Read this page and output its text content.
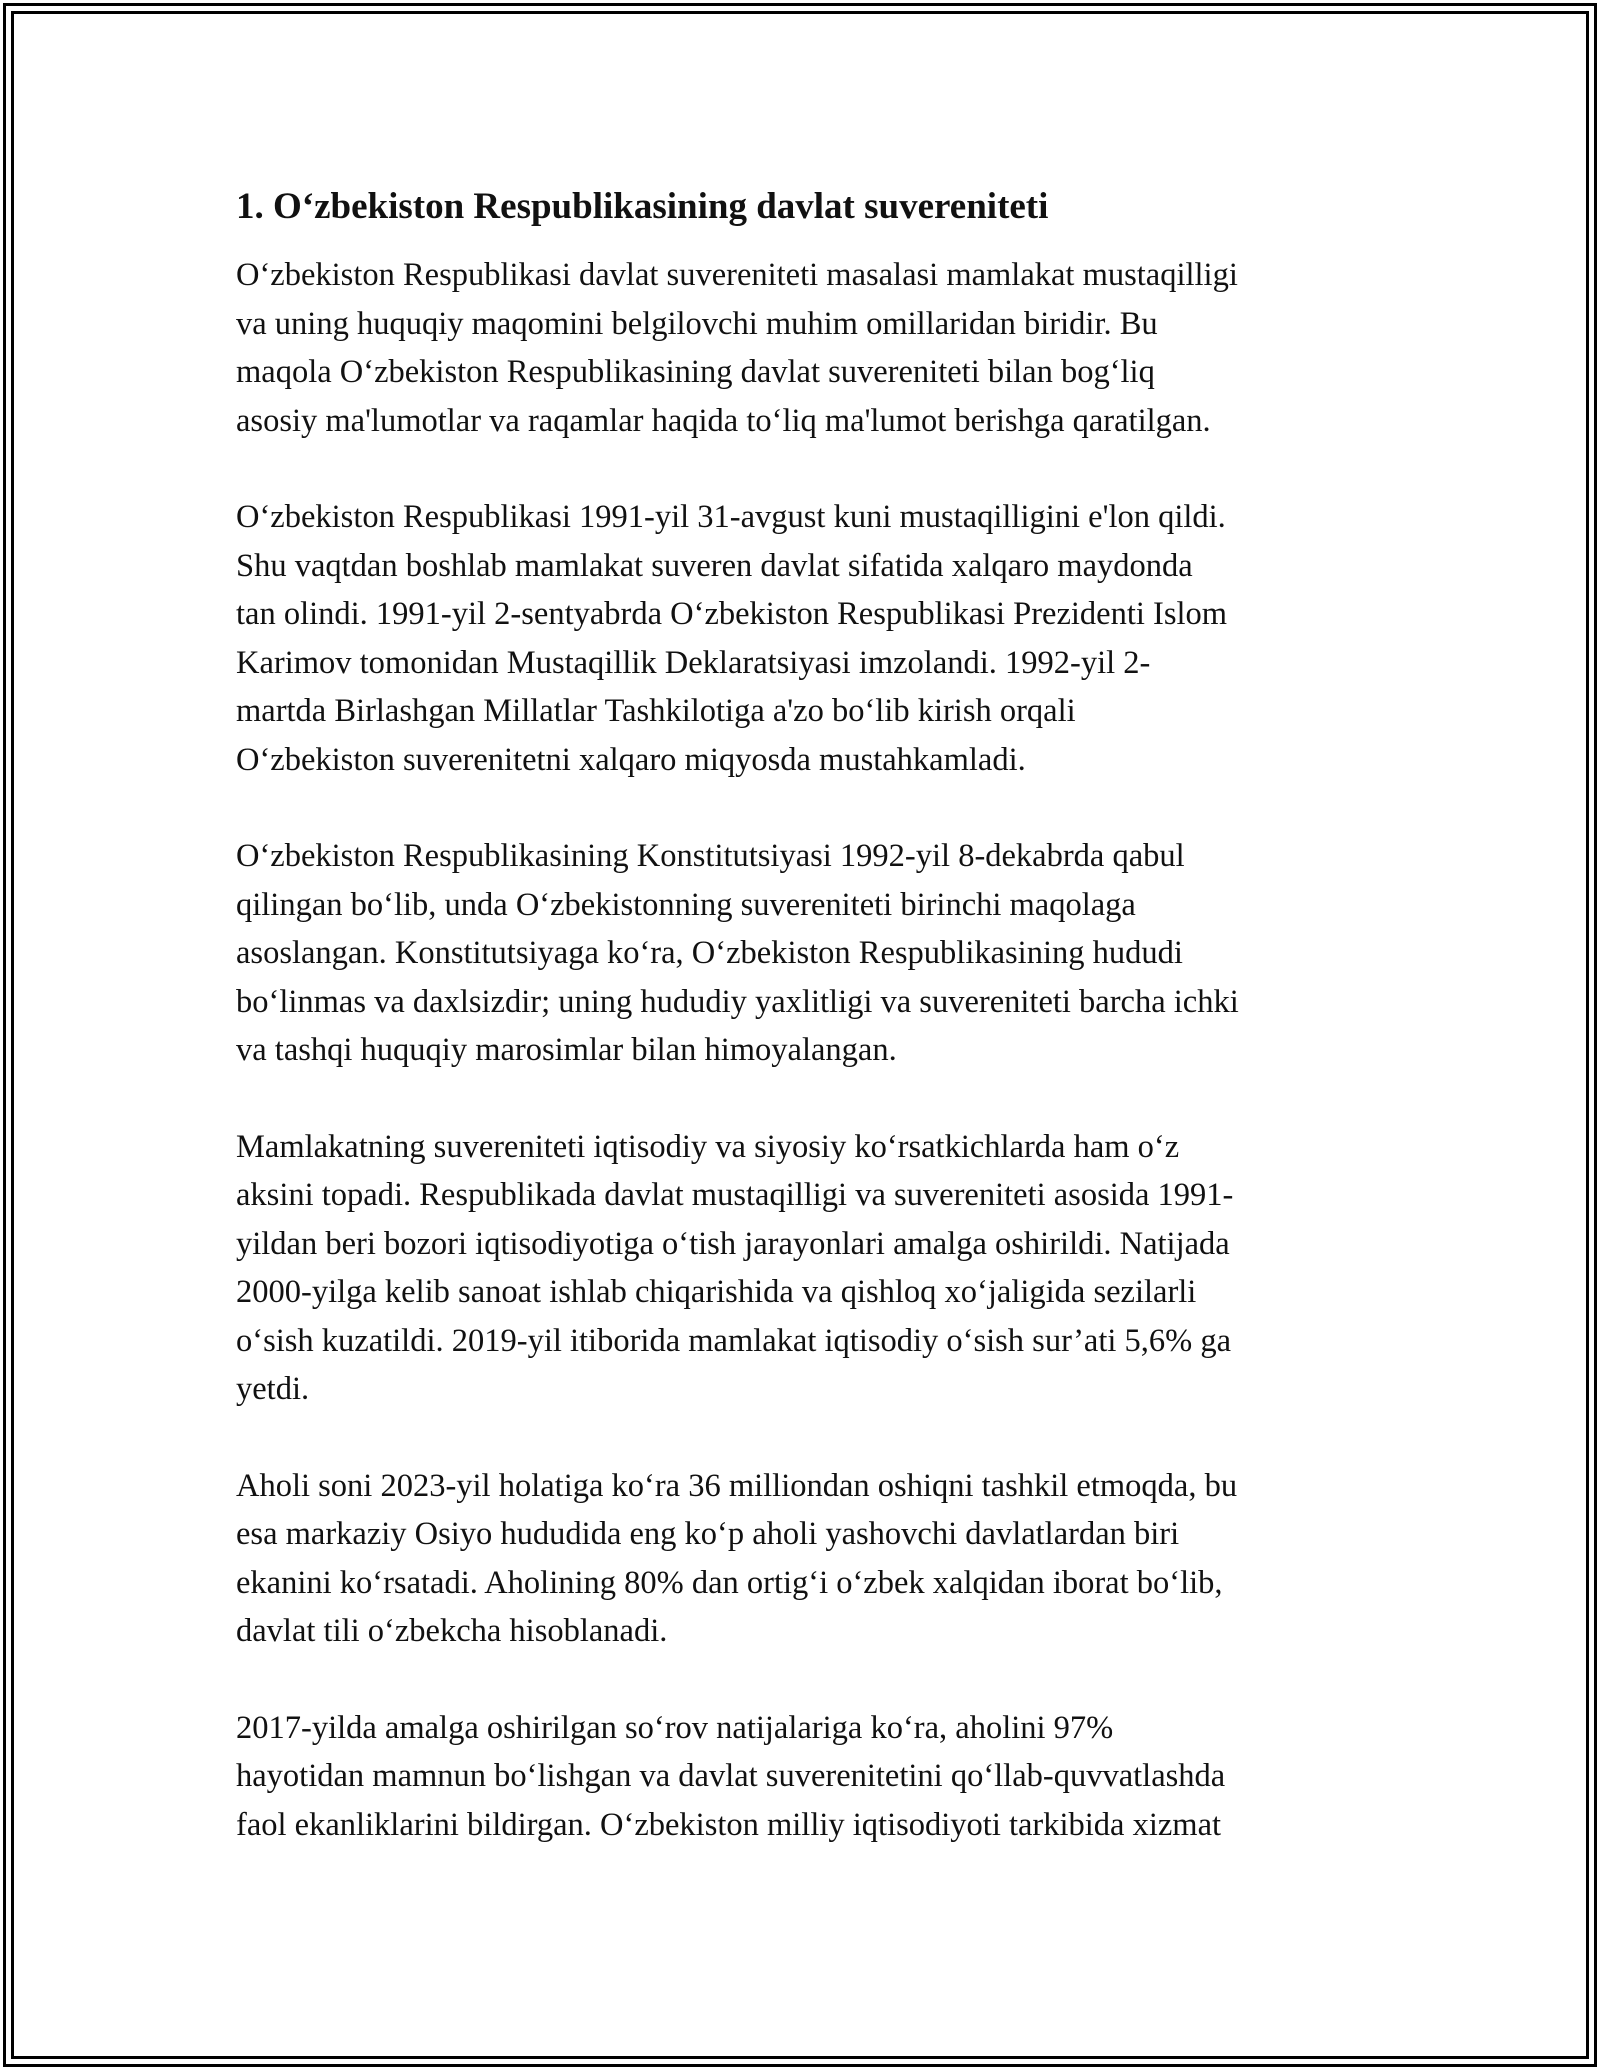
1. O‘zbekiston Respublikasining davlat suvereniteti

O‘zbekiston Respublikasi davlat suvereniteti masalasi mamlakat mustaqilligi
va uning huquqiy maqomini belgilovchi muhim omillaridan biridir. Bu
maqola O‘zbekiston Respublikasining davlat suvereniteti bilan bog‘liq
asosiy ma'lumotlar va raqamlar haqida to‘liq ma'lumot berishga qaratilgan.

O‘zbekiston Respublikasi 1991-yil 31-avgust kuni mustaqilligini e'lon qildi.
Shu vaqtdan boshlab mamlakat suveren davlat sifatida xalqaro maydonda
tan olindi. 1991-yil 2-sentyabrda O‘zbekiston Respublikasi Prezidenti Islom
Karimov tomonidan Mustaqillik Deklaratsiyasi imzolandi. 1992-yil 2-
martda Birlashgan Millatlar Tashkilotiga a'zo bo‘lib kirish orqali
O‘zbekiston suverenitetni xalqaro miqyosda mustahkamladi.

O‘zbekiston Respublikasining Konstitutsiyasi 1992-yil 8-dekabrda qabul
qilingan bo‘lib, unda O‘zbekistonning suvereniteti birinchi maqolaga
asoslangan. Konstitutsiyaga ko‘ra, O‘zbekiston Respublikasining hududi
bo‘linmas va daxlsizdir; uning hududiy yaxlitligi va suvereniteti barcha ichki
va tashqi huquqiy marosimlar bilan himoyalangan.

Mamlakatning suvereniteti iqtisodiy va siyosiy ko‘rsatkichlarda ham o‘z
aksini topadi. Respublikada davlat mustaqilligi va suvereniteti asosida 1991-
yildan beri bozori iqtisodiyotiga o‘tish jarayonlari amalga oshirildi. Natijada
2000-yilga kelib sanoat ishlab chiqarishida va qishloq xo‘jaligida sezilarli
o‘sish kuzatildi. 2019-yil itiborida mamlakat iqtisodiy o‘sish sur’ati 5,6% ga
yetdi.

Aholi soni 2023-yil holatiga ko‘ra 36 milliondan oshiqni tashkil etmoqda, bu
esa markaziy Osiyo hududida eng ko‘p aholi yashovchi davlatlardan biri
ekanini ko‘rsatadi. Aholining 80% dan ortig‘i o‘zbek xalqidan iborat bo‘lib,
davlat tili o‘zbekcha hisoblanadi.

2017-yilda amalga oshirilgan so‘rov natijalariga ko‘ra, aholini 97%
hayotidan mamnun bo‘lishgan va davlat suverenitetini qo‘llab-quvvatlashda
faol ekanliklarini bildirgan. O‘zbekiston milliy iqtisodiyoti tarkibida xizmat
